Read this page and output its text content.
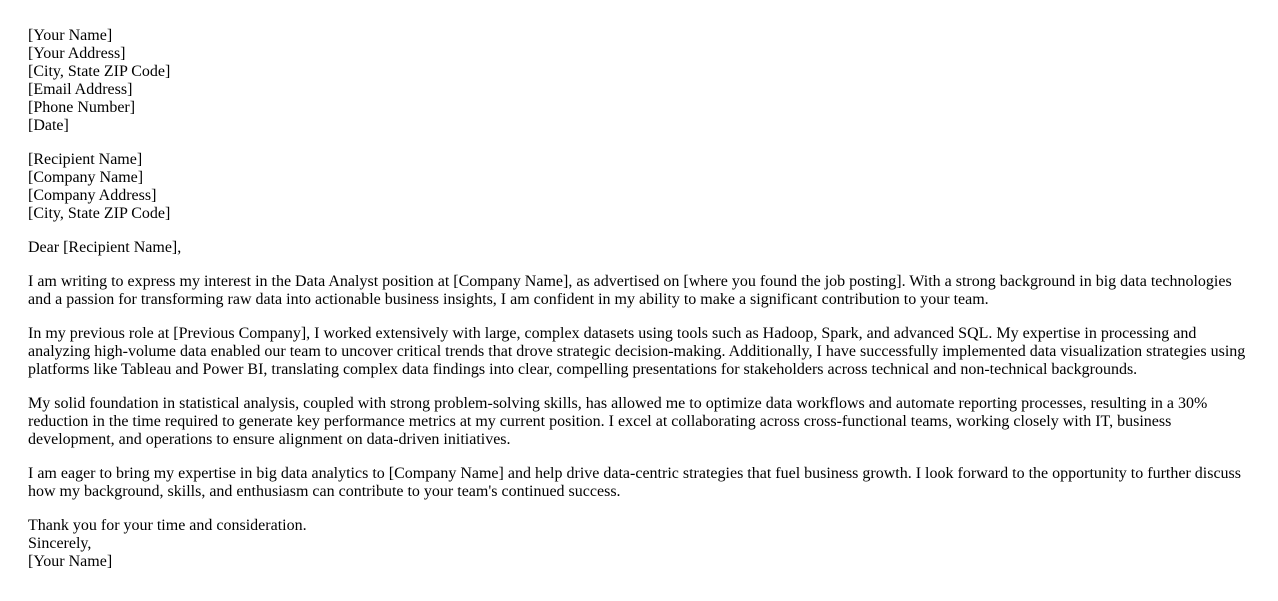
[Your Name]
[Your Address]
[City, State ZIP Code]
[Email Address]
[Phone Number]
[Date]
[Recipient Name]
[Company Name]
[Company Address]
[City, State ZIP Code]

Dear [Recipient Name],

I am writing to express my interest in the Data Analyst position at [Company Name], as advertised on [where you found the job posting]. With a strong background in big data technologies and a passion for transforming raw data into actionable business insights, I am confident in my ability to make a significant contribution to your team.

In my previous role at [Previous Company], I worked extensively with large, complex datasets using tools such as Hadoop, Spark, and advanced SQL. My expertise in processing and analyzing high-volume data enabled our team to uncover critical trends that drove strategic decision-making. Additionally, I have successfully implemented data visualization strategies using platforms like Tableau and Power BI, translating complex data findings into clear, compelling presentations for stakeholders across technical and non-technical backgrounds.

My solid foundation in statistical analysis, coupled with strong problem-solving skills, has allowed me to optimize data workflows and automate reporting processes, resulting in a 30% reduction in the time required to generate key performance metrics at my current position. I excel at collaborating across cross-functional teams, working closely with IT, business development, and operations to ensure alignment on data-driven initiatives.

I am eager to bring my expertise in big data analytics to [Company Name] and help drive data-centric strategies that fuel business growth. I look forward to the opportunity to further discuss how my background, skills, and enthusiasm can contribute to your team's continued success.

Thank you for your time and consideration.
Sincerely,
[Your Name]
